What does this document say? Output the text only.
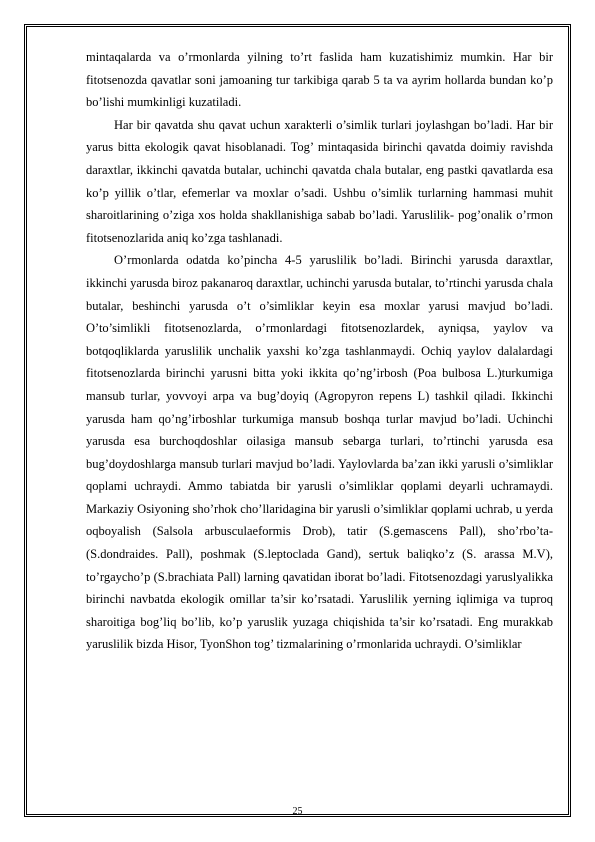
mintaqalarda va o’rmonlarda yilning to’rt faslida ham kuzatishimiz mumkin. Har bir fitotsenozda qavatlar soni jamoaning tur tarkibiga qarab 5 ta va ayrim hollarda bundan ko’p bo’lishi mumkinligi kuzatiladi.

Har bir qavatda shu qavat uchun xarakterli o’simlik turlari joylashgan bo’ladi. Har bir yarus bitta ekologik qavat hisoblanadi. Tog’ mintaqasida birinchi qavatda doimiy ravishda daraxtlar, ikkinchi qavatda butalar, uchinchi qavatda chala butalar, eng pastki qavatlarda esa ko’p yillik o’tlar, efemerlar va moxlar o’sadi. Ushbu o’simlik turlarning hammasi muhit sharoitlarining o’ziga xos holda shakllanishiga sabab bo’ladi. Yaruslilik- pog’onalik o’rmon fitotsenozlarida aniq ko’zga tashlanadi.

O’rmonlarda odatda ko’pincha 4-5 yaruslilik bo’ladi. Birinchi yarusda daraxtlar, ikkinchi yarusda biroz pakanaroq daraxtlar, uchinchi yarusda butalar, to’rtinchi yarusda chala butalar, beshinchi yarusda o’t o’simliklar keyin esa moxlar yarusi mavjud bo’ladi. O’to’simlikli fitotsenozlarda, o’rmonlardagi fitotsenozlardek, ayniqsa, yaylov va botqoqliklarda yaruslilik unchalik yaxshi ko’zga tashlanmaydi. Ochiq yaylov dalalardagi fitotsenozlarda birinchi yarusni bitta yoki ikkita qo’ng’irbosh (Poa bulbosa L.)turkumiga mansub turlar, yovvoyi arpa va bug’doyiq (Agropyron repens L) tashkil qiladi. Ikkinchi yarusda ham qo’ng’irboshlar turkumiga mansub boshqa turlar mavjud bo’ladi. Uchinchi yarusda esa burchoqdoshlar oilasiga mansub sebarga turlari, to’rtinchi yarusda esa bug’doydoshlarga mansub turlari mavjud bo’ladi. Yaylovlarda ba’zan ikki yarusli o’simliklar qoplami uchraydi. Ammo tabiatda bir yarusli o’simliklar qoplami deyarli uchramaydi. Markaziy Osiyoning sho’rhok cho’llaridagina bir yarusli o’simliklar qoplami uchrab, u yerda oqboyalish (Salsola arbusculaeformis Drob), tatir (S.gemascens Pall), sho’rbo’ta- (S.dondraides. Pall), poshmak (S.leptoclada Gand), sertuk baliqko’z (S. arassa M.V), to’rgaycho’p (S.brachiata Pall) larning qavatidan iborat bo’ladi. Fitotsenozdagi yaruslyalikka birinchi navbatda ekologik omillar ta’sir ko’rsatadi. Yaruslilik yerning iqlimiga va tuproq sharoitiga bog’liq bo’lib, ko’p yaruslik yuzaga chiqishida ta’sir ko’rsatadi. Eng murakkab yaruslilik bizda Hisor, TyonShon tog’ tizmalarining o’rmonlarida uchraydi. O’simliklar

25
